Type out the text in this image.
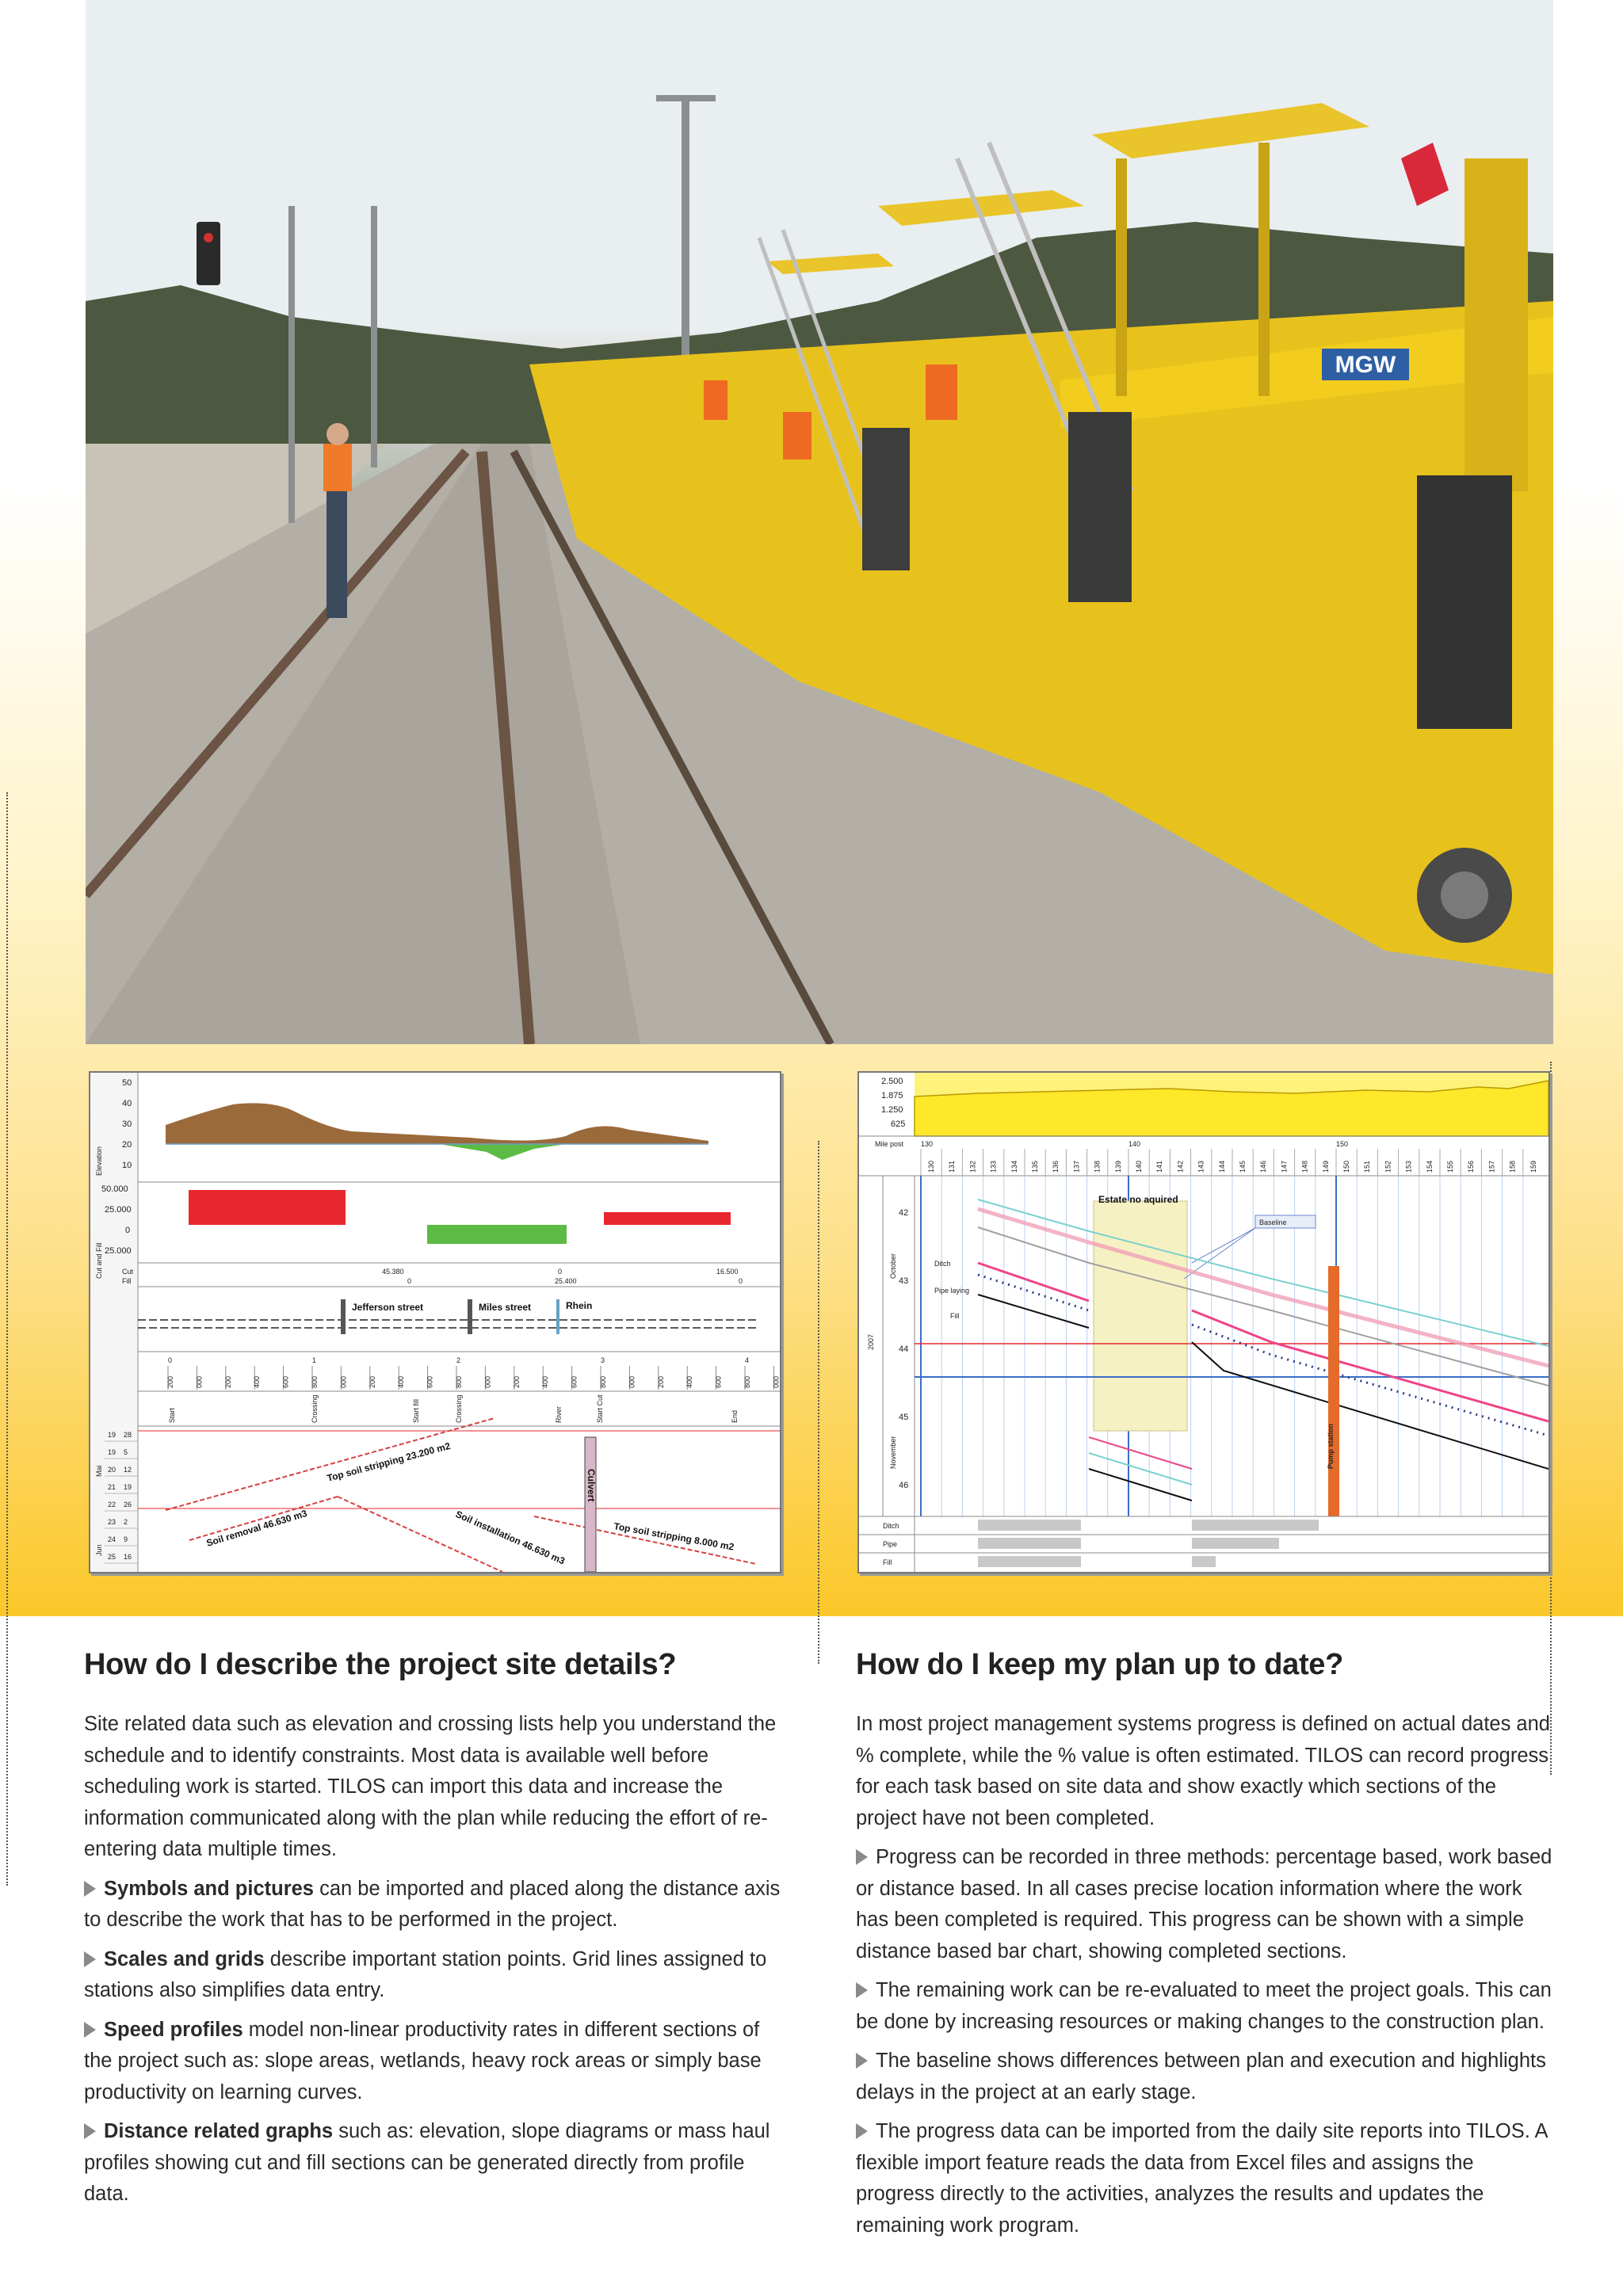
MGW
Elevation
50
40
30
20
10
Cut and Fill
50.000
25.000
0
25.000
Cut
Fill
45.380	0	16.500
0	25.400	0
Jefferson street	Miles street	Rhein
0	1	2	3	4
200	000	200	400	600	800	000	200	400	600	800	000	200	400	600	800	000	200	400	600	800	000
Start	Crossing	Start fill	Crossing	River	Start Cut	End
Mai
Jun
19 28
19 5
20 12
21 19
22 26
23 2
24 9
25 16
Culvert
Top soil stripping 23.200 m2
Soil removal 46.630 m3	Soil installation 46.630 m3	Top soil stripping 8.000 m2
2.500
1.875
1.250
625
Mile post 130	140	150
130 131 132 133 134 135 136 137 138 139 140 141 142 143 144 145 146 147 148 149 150 151 152 153 154 155 156 157 158 159
2007
October
November
42
43
44
45
46
Estate no aquired
Baseline
Ditch
Pipe laying
Fill
Pump station
Ditch
Pipe
Fill
How do I describe the project site details?

Site related data such as elevation and crossing lists help you understand the schedule and to identify constraints. Most data is available well before scheduling work is started. TILOS can import this data and increase the information communicated along with the plan while reducing the effort of re-entering data multiple times.

Symbols and pictures can be imported and placed along the distance axis to describe the work that has to be performed in the project.

Scales and grids describe important station points. Grid lines assigned to stations also simplifies data entry.

Speed profiles model non-linear productivity rates in different sections of the project such as: slope areas, wetlands, heavy rock areas or simply base productivity on learning curves.

Distance related graphs such as: elevation, slope diagrams or mass haul profiles showing cut and fill sections can be generated directly from profile data.

How do I keep my plan up to date?

In most project management systems progress is defined on actual dates and % complete, while the % value is often estimated. TILOS can record progress for each task based on site data and show exactly which sections of the project have not been completed.

Progress can be recorded in three methods: percentage based, work based or distance based. In all cases precise location information where the work has been completed is required. This progress can be shown with a simple distance based bar chart, showing completed sections.

The remaining work can be re-evaluated to meet the project goals. This can be done by increasing resources or making changes to the construction plan.

The baseline shows differences between plan and execution and highlights delays in the project at an early stage.

The progress data can be imported from the daily site reports into TILOS. A flexible import feature reads the data from Excel files and assigns the progress directly to the activities, analyzes the results and updates the remaining work program.
